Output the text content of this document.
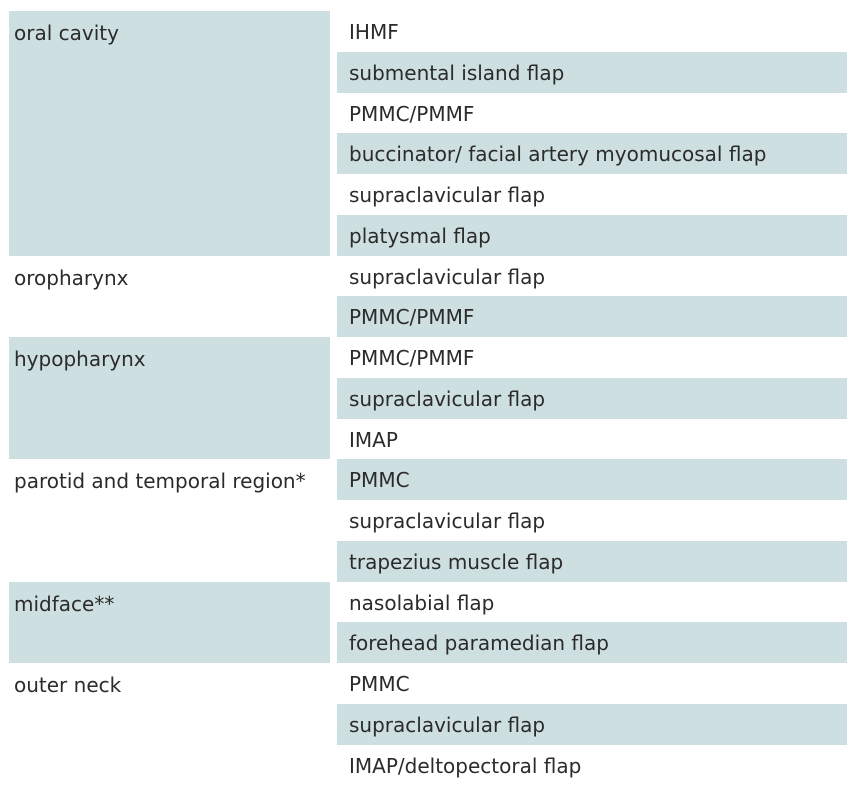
oral cavity	IHMF
submental island flap
PMMC/PMMF
buccinator/ facial artery myomucosal flap
supraclavicular flap
platysmal flap
oropharynx	supraclavicular flap
PMMC/PMMF
hypopharynx	PMMC/PMMF
supraclavicular flap
IMAP
parotid and temporal region*	PMMC
supraclavicular flap
trapezius muscle flap
midface**	nasolabial flap
forehead paramedian flap
outer neck	PMMC
supraclavicular flap
IMAP/deltopectoral flap
